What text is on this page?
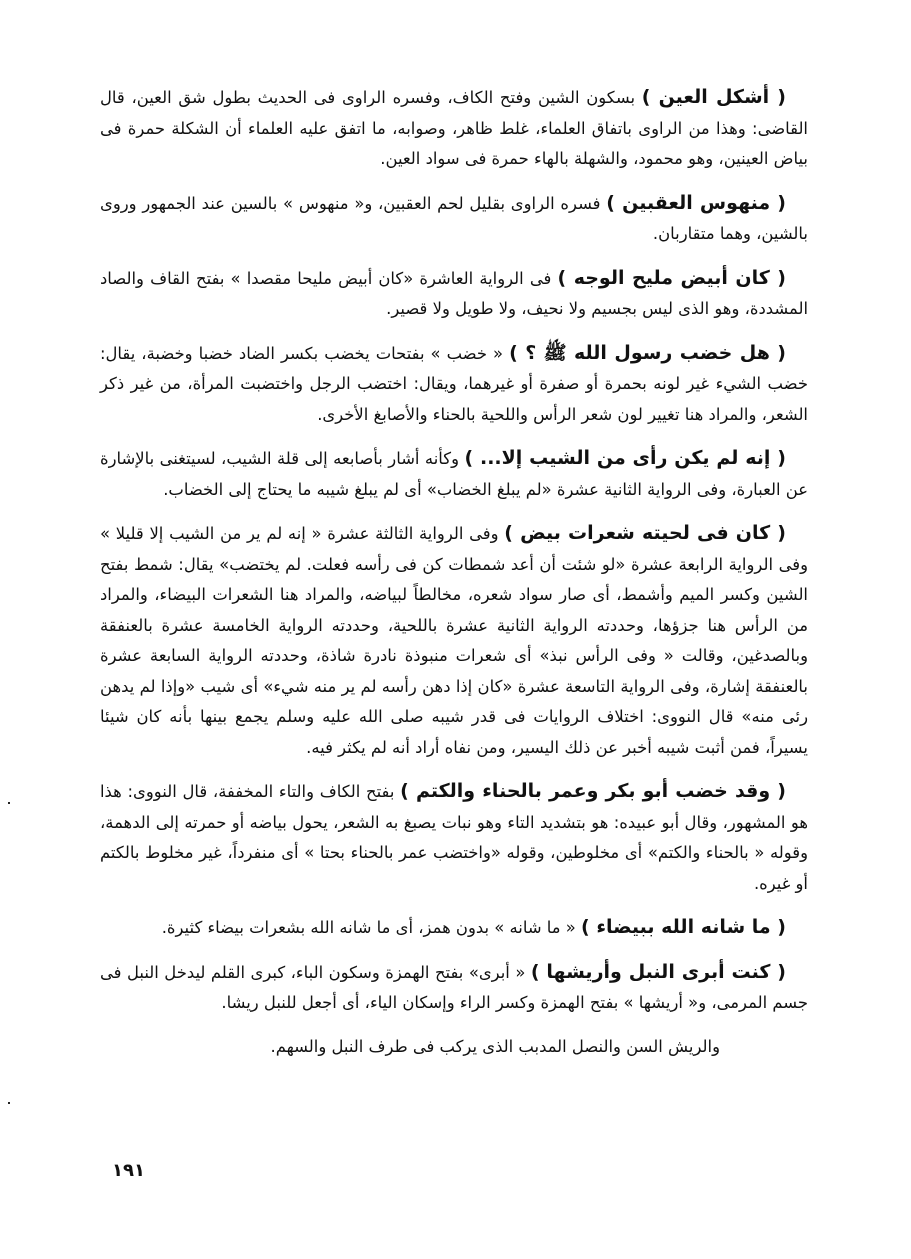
( أشكل العين ) بسكون الشين وفتح الكاف، وفسره الراوى فى الحديث بطول شق العين، قال القاضى: وهذا من الراوى باتفاق العلماء، غلط ظاهر، وصوابه، ما اتفق عليه العلماء أن الشكلة حمرة فى بياض العينين، وهو محمود، والشهلة بالهاء حمرة فى سواد العين.

( منهوس العقبين ) فسره الراوى بقليل لحم العقبين، و« منهوس » بالسين عند الجمهور وروى بالشين، وهما متقاربان.

( كان أبيض مليح الوجه ) فى الرواية العاشرة «كان أبيض مليحا مقصدا » بفتح القاف والصاد المشددة، وهو الذى ليس بجسيم ولا نحيف، ولا طويل ولا قصير.

( هل خضب رسول الله ﷺ ؟ ) « خضب » بفتحات يخضب بكسر الضاد خضبا وخضبة، يقال: خضب الشيء غير لونه بحمرة أو صفرة أو غيرهما، ويقال: اختضب الرجل واختضبت المرأة، من غير ذكر الشعر، والمراد هنا تغيير لون شعر الرأس واللحية بالحناء والأصابغ الأخرى.

( إنه لم يكن رأى من الشيب إلا... ) وكأنه أشار بأصابعه إلى قلة الشيب، لسيتغنى بالإشارة عن العبارة، وفى الرواية الثانية عشرة «لم يبلغ الخضاب» أى لم يبلغ شيبه ما يحتاج إلى الخضاب.

( كان فى لحيته شعرات بيض ) وفى الرواية الثالثة عشرة « إنه لم ير من الشيب إلا قليلا » وفى الرواية الرابعة عشرة «لو شئت أن أعد شمطات كن فى رأسه فعلت. لم يختضب» يقال: شمط بفتح الشين وكسر الميم وأشمط، أى صار سواد شعره، مخالطاً لبياضه، والمراد هنا الشعرات البيضاء، والمراد من الرأس هنا جزؤها، وحددته الرواية الثانية عشرة باللحية، وحددته الرواية الخامسة عشرة بالعنفقة وبالصدغين، وقالت « وفى الرأس نبذ» أى شعرات منبوذة نادرة شاذة، وحددته الرواية السابعة عشرة بالعنفقة إشارة، وفى الرواية التاسعة عشرة «كان إذا دهن رأسه لم ير منه شيء» أى شيب «وإذا لم يدهن رئى منه» قال النووى: اختلاف الروايات فى قدر شيبه صلى الله عليه وسلم يجمع بينها بأنه كان شيئا يسيراً، فمن أثبت شيبه أخبر عن ذلك اليسير، ومن نفاه أراد أنه لم يكثر فيه.

( وقد خضب أبو بكر وعمر بالحناء والكتم ) بفتح الكاف والتاء المخففة، قال النووى: هذا هو المشهور، وقال أبو عبيده: هو بتشديد التاء وهو نبات يصبغ به الشعر، يحول بياضه أو حمرته إلى الدهمة، وقوله « بالحناء والكتم» أى مخلوطين، وقوله «واختضب عمر بالحناء بحتا » أى منفرداً، غير مخلوط بالكتم أو غيره.

( ما شانه الله ببيضاء ) « ما شانه » بدون همز، أى ما شانه الله بشعرات بيضاء كثيرة.

( كنت أبرى النبل وأريشها ) « أبرى» بفتح الهمزة وسكون الباء، كبرى القلم ليدخل النبل فى جسم المرمى، و« أريشها » بفتح الهمزة وكسر الراء وإسكان الياء، أى أجعل للنبل ريشا.

والريش السن والنصل المدبب الذى يركب فى طرف النبل والسهم.

١٩١
